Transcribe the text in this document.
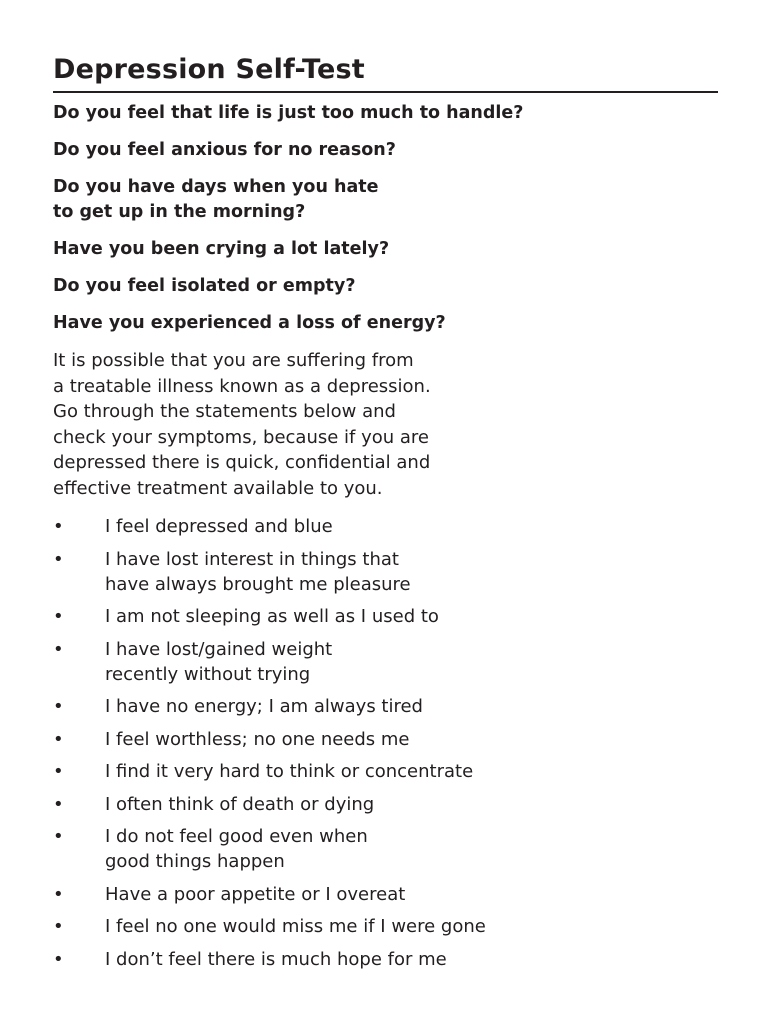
Depression Self-Test
Do you feel that life is just too much to handle?
Do you feel anxious for no reason?
Do you have days when you hate
to get up in the morning?
Have you been crying a lot lately?
Do you feel isolated or empty?
Have you experienced a loss of energy?

It is possible that you are suffering from
a treatable illness known as a depression.
Go through the statements below and
check your symptoms, because if you are
depressed there is quick, confidential and
effective treatment available to you.

• I feel depressed and blue
• I have lost interest in things that
have always brought me pleasure
• I am not sleeping as well as I used to
• I have lost/gained weight
recently without trying
• I have no energy; I am always tired
• I feel worthless; no one needs me
• I find it very hard to think or concentrate
• I often think of death or dying
• I do not feel good even when
good things happen
• Have a poor appetite or I overeat
• I feel no one would miss me if I were gone
• I don’t feel there is much hope for me
